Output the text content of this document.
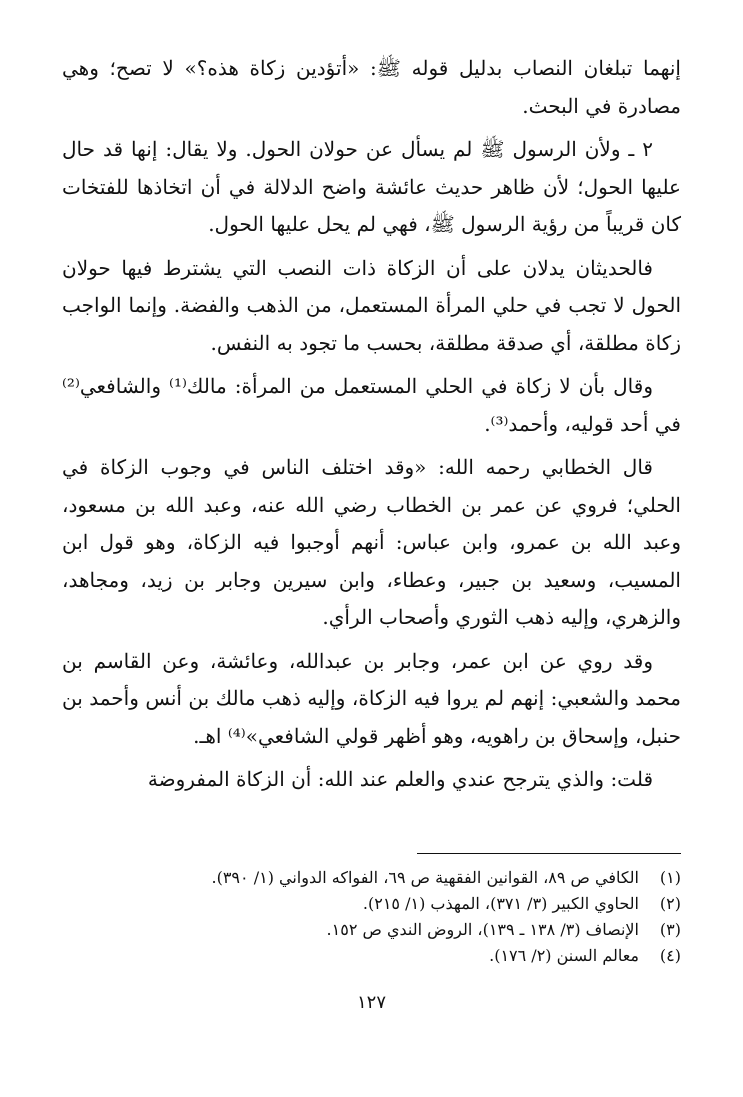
إنهما تبلغان النصاب بدليل قوله ﷺ: «أتؤدين زكاة هذه؟» لا تصح؛ وهي مصادرة في البحث.

٢ ـ ولأن الرسول ﷺ لم يسأل عن حولان الحول. ولا يقال: إنها قد حال عليها الحول؛ لأن ظاهر حديث عائشة واضح الدلالة في أن اتخاذها للفتخات كان قريباً من رؤية الرسول ﷺ، فهي لم يحل عليها الحول.

فالحديثان يدلان على أن الزكاة ذات النصب التي يشترط فيها حولان الحول لا تجب في حلي المرأة المستعمل، من الذهب والفضة. وإنما الواجب زكاة مطلقة، أي صدقة مطلقة، بحسب ما تجود به النفس.

وقال بأن لا زكاة في الحلي المستعمل من المرأة: مالك⁽¹⁾ والشافعي⁽²⁾ في أحد قوليه، وأحمد⁽³⁾.

قال الخطابي رحمه الله: «وقد اختلف الناس في وجوب الزكاة في الحلي؛ فروي عن عمر بن الخطاب رضي الله عنه، وعبد الله بن مسعود، وعبد الله بن عمرو، وابن عباس: أنهم أوجبوا فيه الزكاة، وهو قول ابن المسيب، وسعيد بن جبير، وعطاء، وابن سيرين وجابر بن زيد، ومجاهد، والزهري، وإليه ذهب الثوري وأصحاب الرأي.

وقد روي عن ابن عمر، وجابر بن عبدالله، وعائشة، وعن القاسم بن محمد والشعبي: إنهم لم يروا فيه الزكاة، وإليه ذهب مالك بن أنس وأحمد بن حنبل، وإسحاق بن راهويه، وهو أظهر قولي الشافعي»⁽⁴⁾ اهـ.

قلت: والذي يترجح عندي والعلم عند الله: أن الزكاة المفروضة

(١)
الكافي ص ٨٩، القوانين الفقهية ص ٦٩، الفواكه الدواني (١/ ٣٩٠).
(٢)
الحاوي الكبير (٣/ ٣٧١)، المهذب (١/ ٢١٥).
(٣)
الإنصاف (٣/ ١٣٨ ـ ١٣٩)، الروض الندي ص ١٥٢.
(٤)
معالم السنن (٢/ ١٧٦).
١٢٧
